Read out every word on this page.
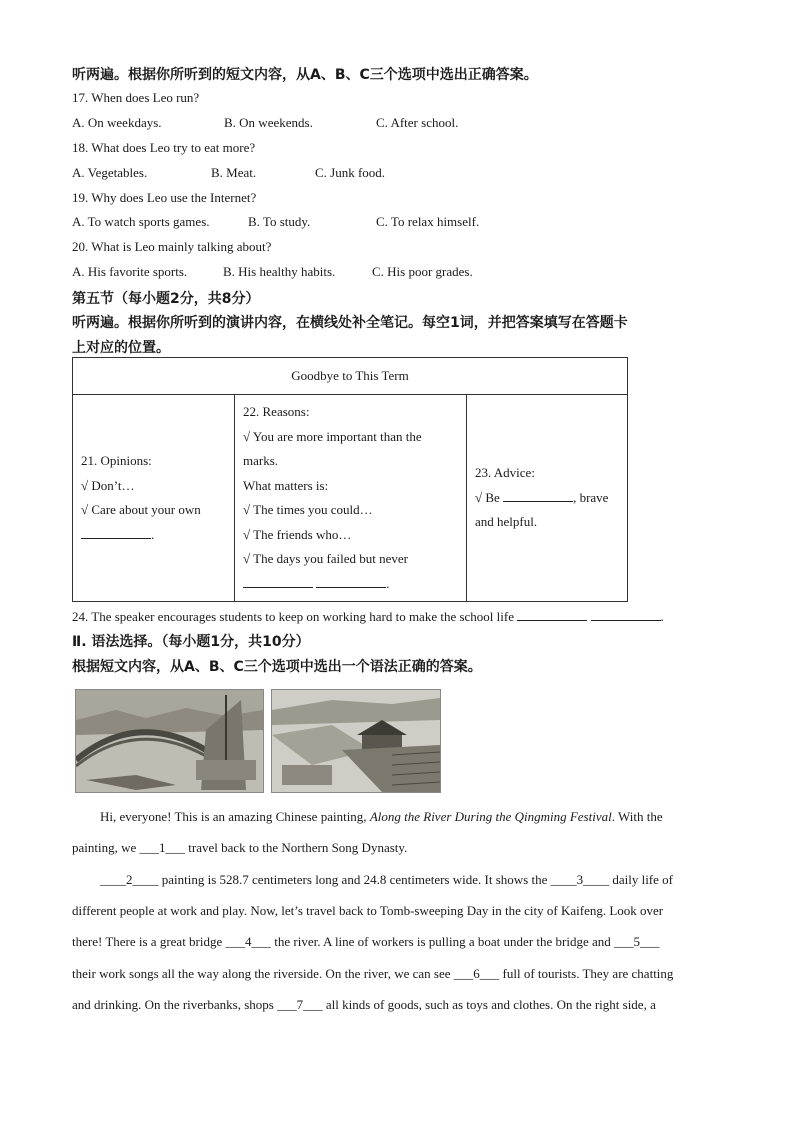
听两遍。根据你所听到的短文内容，从A、B、C三个选项中选出正确答案。
17. When does Leo run?
A. On weekdays.	B. On weekends.	C. After school.
18. What does Leo try to eat more?
A. Vegetables.	B. Meat.	C. Junk food.
19. Why does Leo use the Internet?
A. To watch sports games.	B. To study.	C. To relax himself.
20. What is Leo mainly talking about?
A. His favorite sports.	B. His healthy habits.	C. His poor grades.
第五节（每小题2分，共8分）
听两遍。根据你所听到的演讲内容，在横线处补全笔记。每空1词，并把答案填写在答题卡
上对应的位置。
Goodbye to This Term

21. Opinions:
√ Don’t…
√ Care about your own
.

22. Reasons:
√ You are more important than the
marks.
What matters is:
√ The times you could…
√ The friends who…
√ The days you failed but never
.

23. Advice:
√ Be	, brave
and helpful.
24. The speaker encourages students to keep on working hard to make the school life	.
Ⅱ. 语法选择。（每小题1分，共10分）
根据短文内容，从A、B、C三个选项中选出一个语法正确的答案。
Hi, everyone! This is an amazing Chinese painting, Along the River During the Qingming Festival. With the
painting, we ___1___ travel back to the Northern Song Dynasty.
____2____ painting is 528.7 centimeters long and 24.8 centimeters wide. It shows the ____3____ daily life of
different people at work and play. Now, let’s travel back to Tomb-sweeping Day in the city of Kaifeng. Look over
there! There is a great bridge ___4___ the river. A line of workers is pulling a boat under the bridge and ___5___
their work songs all the way along the riverside. On the river, we can see ___6___ full of tourists. They are chatting
and drinking. On the riverbanks, shops ___7___ all kinds of goods, such as toys and clothes. On the right side, a
